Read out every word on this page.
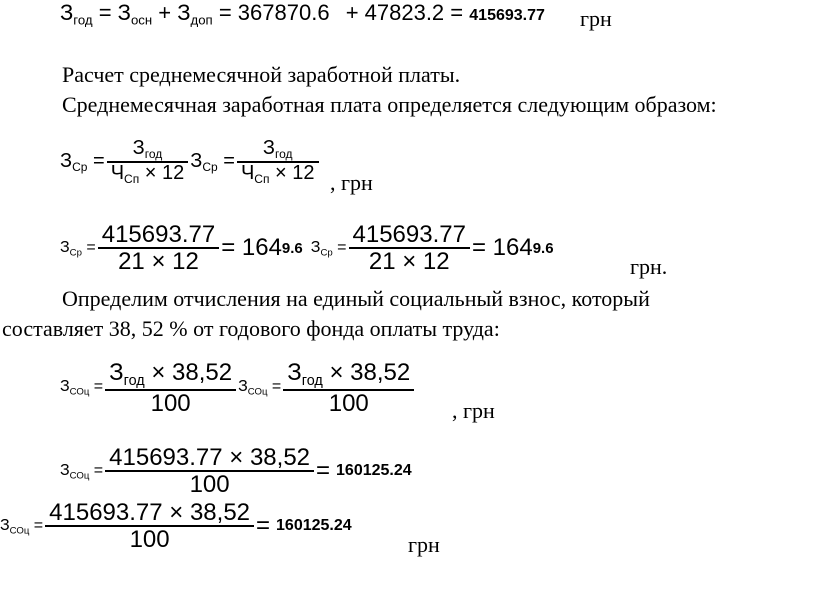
$З_{год} = З_{осн} + З_{доп} = 367870.6 + 47823.2 = 415693.77$ грн
Расчет среднемесячной заработной платы.
Среднемесячная заработная плата определяется следующим образом:
$З_{Ср} = \frac{З_{год}}{Ч_{Сп} \times 12} З_{Ср} = \frac{З_{год}}{Ч_{Сп} \times 12}$ , грн
$З_{Ср} = \frac{415693.77}{21 \times 12} = 164$ 9.6 $З_{Ср} = \frac{415693.77}{21 \times 12} = 164$ 9.6
грн.
Определим отчисления на единый социальный взнос, который
составляет 38, 52 % от годового фонда оплаты труда:
$З_{СОц} = \frac{З_{год} \times 38,52}{100} З_{СОц} = \frac{З_{год} \times 38,52}{100}$ , грн
$З_{СОц} = \frac{415693.77 \times 38,52}{100} = 160125.24$
$З_{СОц} = \frac{415693.77 \times 38,52}{100} = 160125.24$
грн
